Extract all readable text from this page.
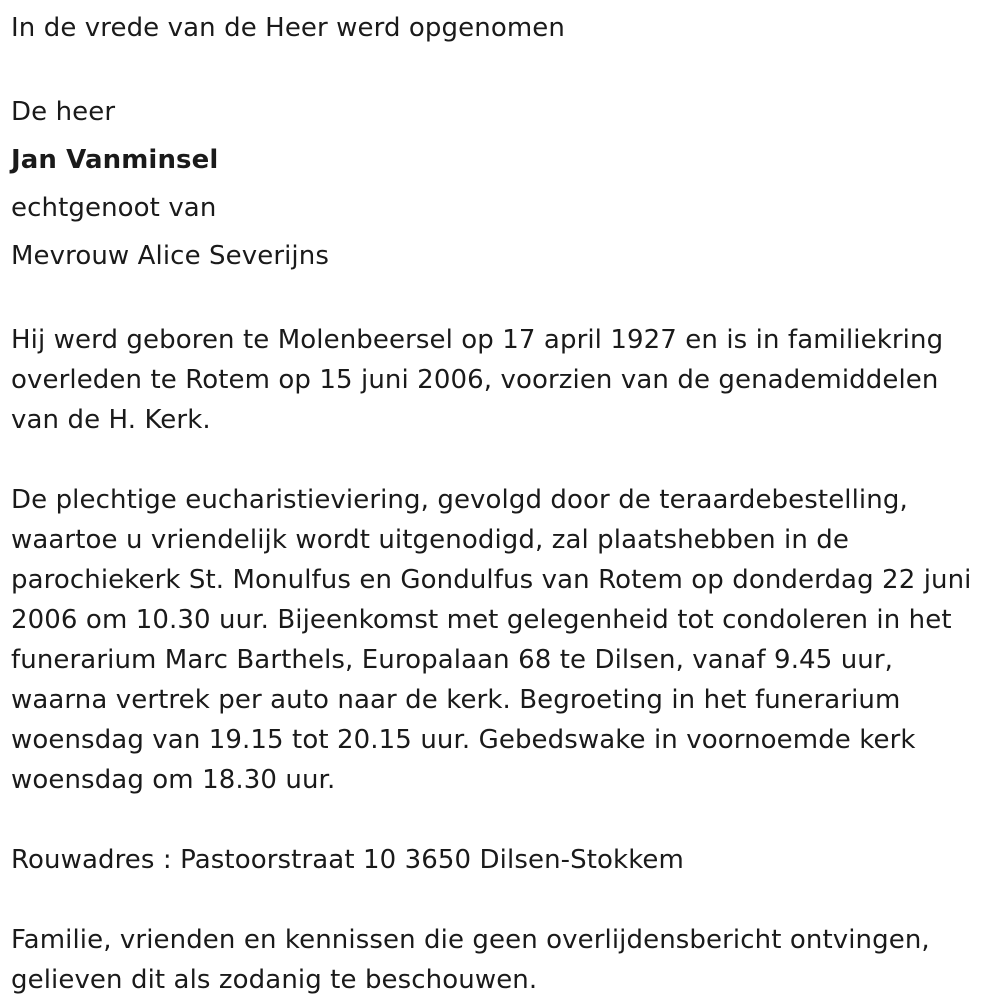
In de vrede van de Heer werd opgenomen

De heer

Jan Vanminsel

echtgenoot van

Mevrouw Alice Severijns

Hij werd geboren te Molenbeersel op 17 april 1927 en is in familiekring overleden te Rotem op 15 juni 2006, voorzien van de genademiddelen van de H. Kerk.

De plechtige eucharistieviering, gevolgd door de teraardebestelling, waartoe u vriendelijk wordt uitgenodigd, zal plaatshebben in de parochiekerk St. Monulfus en Gondulfus van Rotem op donderdag 22 juni 2006 om 10.30 uur. Bijeenkomst met gelegenheid tot condoleren in het funerarium Marc Barthels, Europalaan 68 te Dilsen, vanaf 9.45 uur, waarna vertrek per auto naar de kerk. Begroeting in het funerarium woensdag van 19.15 tot 20.15 uur. Gebedswake in voornoemde kerk woensdag om 18.30 uur.

Rouwadres : Pastoorstraat 10 3650 Dilsen-Stokkem

Familie, vrienden en kennissen die geen overlijdensbericht ontvingen, gelieven dit als zodanig te beschouwen.
